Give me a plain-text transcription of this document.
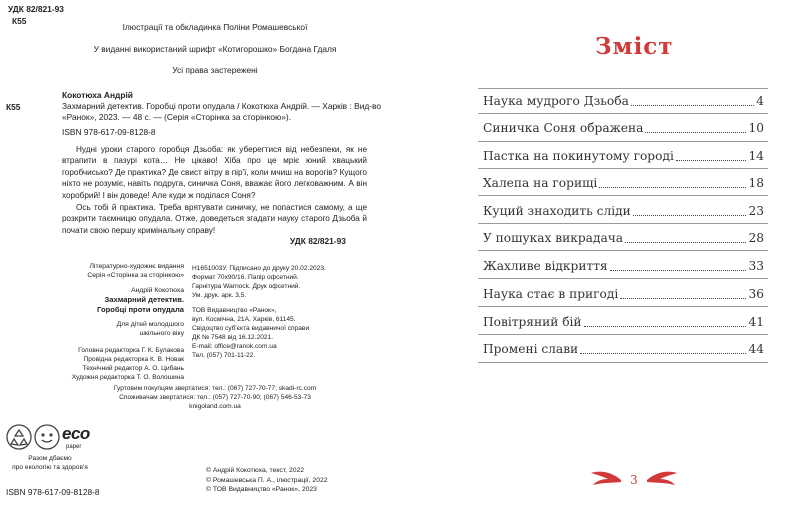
УДК 82/821-93
К55
Ілюстрації та обкладинка Поліни Ромашевської
У виданні використаний шрифт «Котигорошко» Богдана Гдаля
Усі права застережені
Кокотюха Андрій
К55	Захмарний детектив. Горобці проти опудала / Кокотюха Андрій. — Харків : Вид-во
«Ранок», 2023. — 48 с. — (Серія «Сторінка за сторінкою»).
ISBN 978-617-09-8128-8
Нудні уроки старого горобця Дзьоба: як уберегтися від небезпеки, як не втрапити в пазурі кота… Не цікаво! Хіба про це мріє юний хвацький горобчисько? Де практика? Де свист вітру в пір'ї, коли мчиш на ворогів? Кущого ніхто не розуміє, навіть подруга, синичка Соня, вважає його легковажним. А він хоробрий! І він доведе! Але куди ж поділася Соня?
Ось тобі й практика. Треба врятувати синичку, не попастися самому, а ще розкрити таємницю опудала. Отже, доведеться згадати науку старого Дзьоба й почати свою першу кримінальну справу!
УДК 82/821-93
Літературно-художнє видання
Серія «Сторінка за сторінкою»
Андрій Кокотюха
Захмарний детектив.
Горобці проти опудала
Для дітей молодшого
шкільного віку
Н1651003У. Підписано до друку 20.02.2023.
Формат 70х90/16. Папір офсетний.
Гарнітура Warnock. Друк офсетний.
Ум. друк. арк. 3,5.
ТОВ Видавництво «Ранок»,
вул. Космічна, 21А, Харків, 61145.
Свідоцтво суб'єкта видавничої справи
ДК № 7548 від 16.12.2021.
E-mail: office@ranok.com.ua
Тел. (057) 701-11-22.
Головна редакторка Г. К. Булакова
Провідна редакторка К. В. Новак
Технічний редактор А. О. Цибань
Художня редакторка Т. О. Волошина
Гуртовим покупцям звертатися: тел.: (067) 727-70-77; skadi-rc.com
Споживачам звертатися: тел.: (057) 727-70-90; (067) 546-53-73
knigoland.com.ua
eco
paper
Разом дбаємо
про екологію та здоров'я	© Андрій Кокотюха, текст, 2022
© Ромашевська П. А., ілюстрації, 2022
© ТОВ Видавництво «Ранок», 2023
ISBN 978-617-09-8128-8
Зміст
Наука мудрого Дзьоба	4
Синичка Соня ображена	10
Пастка на покинутому городі	14
Халепа на горищі	18
Куций знаходить сліди	23
У пошуках викрадача	28
Жахливе відкриття	33
Наука стає в пригоді	36
Повітряний бій	41
Промені слави	44
3
